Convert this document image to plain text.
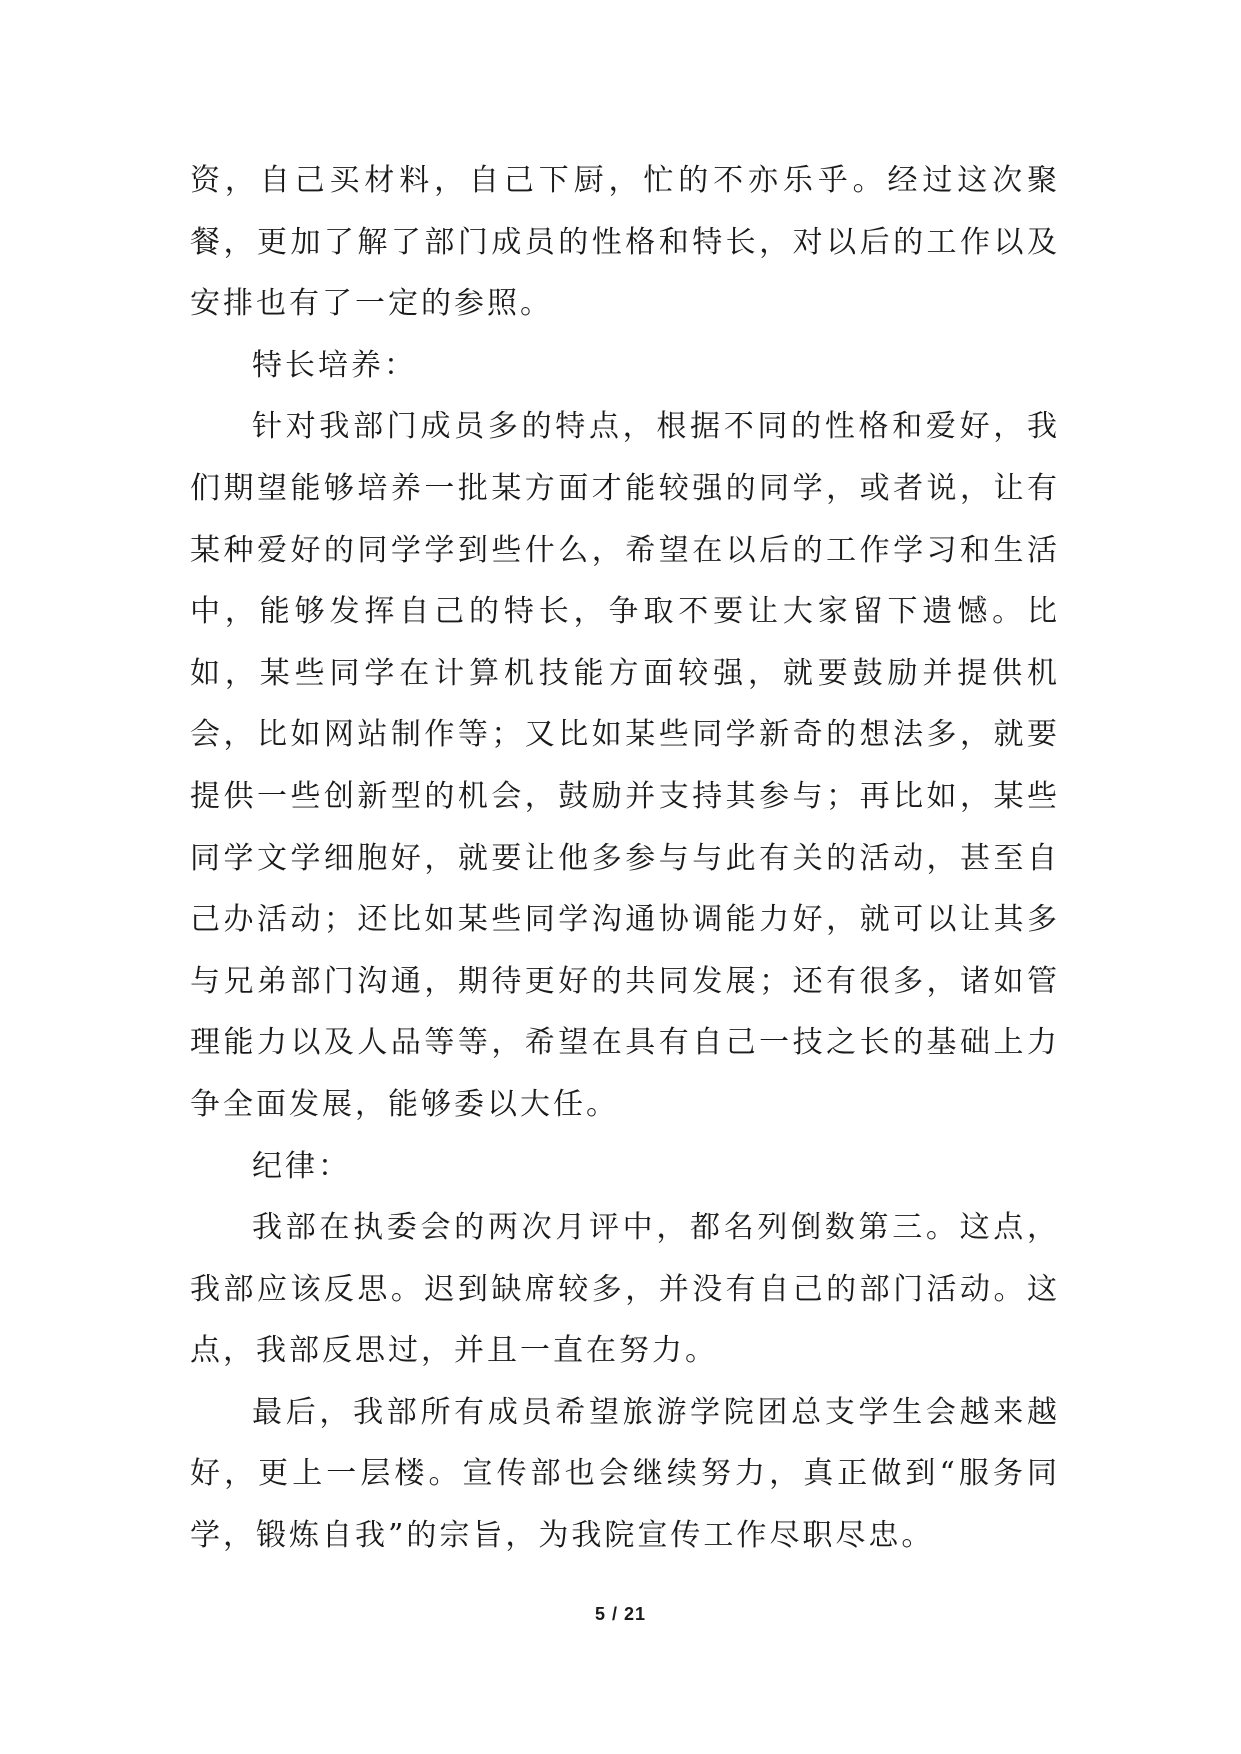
资，自己买材料，自己下厨，忙的不亦乐乎。经过这次聚餐，更加了解了部门成员的性格和特长，对以后的工作以及安排也有了一定的参照。

特长培养：

针对我部门成员多的特点，根据不同的性格和爱好，我们期望能够培养一批某方面才能较强的同学，或者说，让有某种爱好的同学学到些什么，希望在以后的工作学习和生活中，能够发挥自己的特长，争取不要让大家留下遗憾。比如，某些同学在计算机技能方面较强，就要鼓励并提供机会，比如网站制作等；又比如某些同学新奇的想法多，就要提供一些创新型的机会，鼓励并支持其参与；再比如，某些同学文学细胞好，就要让他多参与与此有关的活动，甚至自己办活动；还比如某些同学沟通协调能力好，就可以让其多与兄弟部门沟通，期待更好的共同发展；还有很多，诸如管理能力以及人品等等，希望在具有自己一技之长的基础上力争全面发展，能够委以大任。

纪律：

我部在执委会的两次月评中，都名列倒数第三。这点，我部应该反思。迟到缺席较多，并没有自己的部门活动。这点，我部反思过，并且一直在努力。

最后，我部所有成员希望旅游学院团总支学生会越来越好，更上一层楼。宣传部也会继续努力，真正做到“服务同学，锻炼自我”的宗旨，为我院宣传工作尽职尽忠。

5 / 21
